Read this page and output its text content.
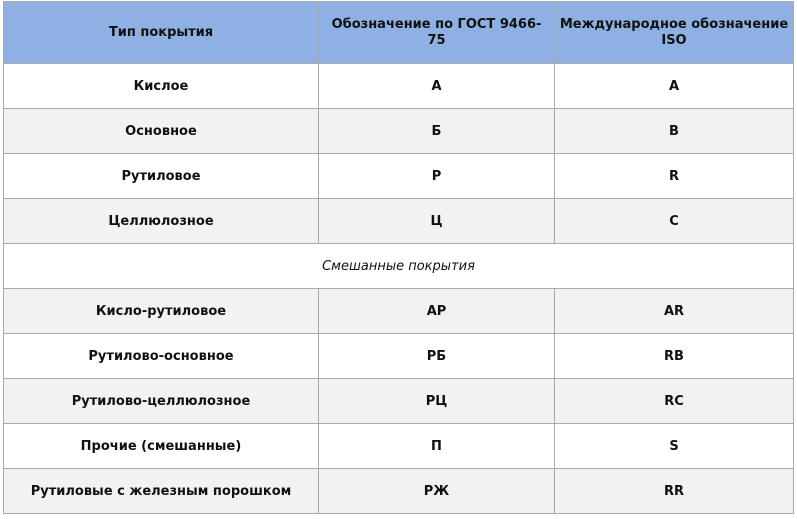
Тип покрытия	Обозначение по ГОСТ 9466-75	Международное обозначение ISO
Кислое	А	A
Основное	Б	B
Рутиловое	Р	R
Целлюлозное	Ц	C
Смешанные покрытия		
Кисло-рутиловое	АР	AR
Рутилово-основное	РБ	RB
Рутилово-целлюлозное	РЦ	RC
Прочие (смешанные)	П	S
Рутиловые с железным порошком	РЖ	RR
